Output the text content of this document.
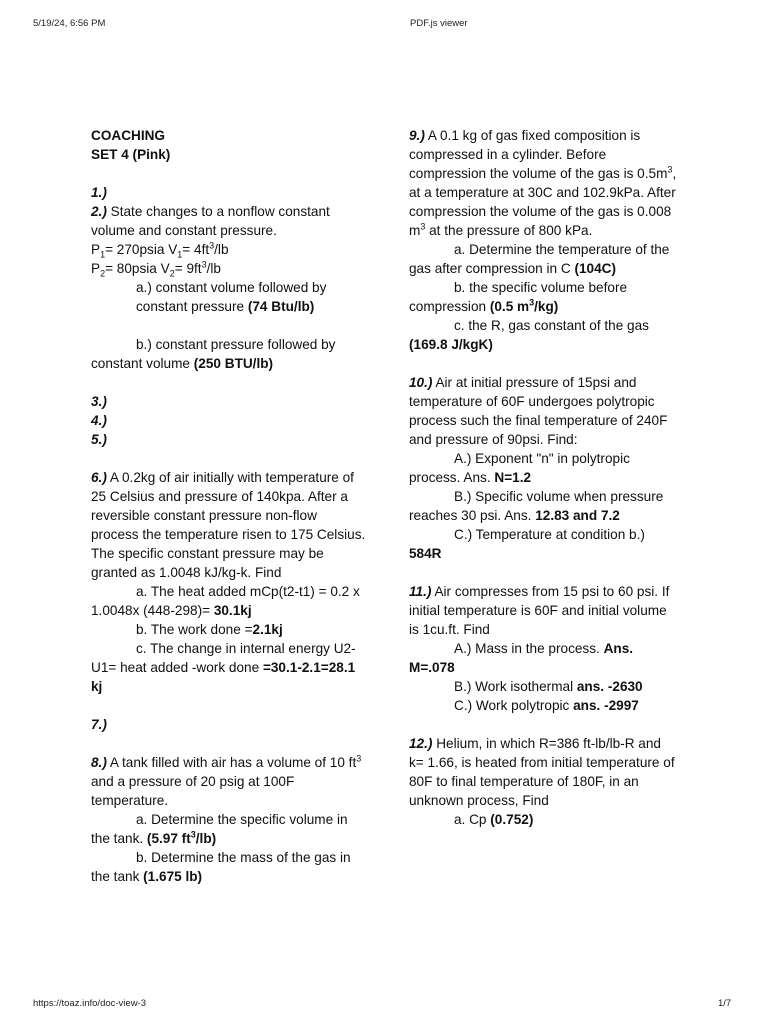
5/19/24, 6:56 PM	PDF.js viewer
https://toaz.info/doc-view-3	1/7

COACHING

SET 4 (Pink)

1.)

2.) State changes to a nonflow constant volume and constant pressure.

$P_1=$ 270psia $V_1= 4ft^3/lb$

$P_2=$ 80psia $V_2= 9ft^3/lb$

a.) constant volume followed by constant pressure (74 Btu/lb)

b.) constant pressure followed by constant volume (250 BTU/lb)

3.)

4.)

5.)

6.) A 0.2kg of air initially with temperature of 25 Celsius and pressure of 140kpa. After a reversible constant pressure non-flow process the temperature risen to 175 Celsius. The specific constant pressure may be granted as 1.0048 kJ/kg-k. Find

a. The heat added mCp(t2-t1) = 0.2 x 1.0048x (448-298)= 30.1kj

b. The work done =2.1kj

c. The change in internal energy U2-U1= heat added -work done =30.1-2.1=28.1 kj

7.)

8.) A tank filled with air has a volume of 10 $ft^3$ and a pressure of 20 psig at 100F temperature.

a. Determine the specific volume in the tank. (5.97 $ft^3/lb$)

b. Determine the mass of the gas in the tank (1.675 lb)

9.) A 0.1 kg of gas fixed composition is compressed in a cylinder. Before compression the volume of the gas is $0.5m^3$, at a temperature at 30C and 102.9kPa. After compression the volume of the gas is 0.008 $m^3$ at the pressure of 800 kPa.

a. Determine the temperature of the gas after compression in C (104C)

b. the specific volume before compression (0.5 $m^3/kg$)

c. the R, gas constant of the gas (169.8 J/kgK)

10.) Air at initial pressure of 15psi and temperature of 60F undergoes polytropic process such the final temperature of 240F and pressure of 90psi. Find:

A.) Exponent "n" in polytropic process. Ans. N=1.2

B.) Specific volume when pressure reaches 30 psi. Ans. 12.83 and 7.2

C.) Temperature at condition b.) 584R

11.) Air compresses from 15 psi to 60 psi. If initial temperature is 60F and initial volume is 1cu.ft. Find

A.) Mass in the process. Ans. M=.078

B.) Work isothermal ans. -2630

C.) Work polytropic ans. -2997

12.) Helium, in which R=386 ft-lb/lb-R and k= 1.66, is heated from initial temperature of 80F to final temperature of 180F, in an unknown process, Find

a. Cp (0.752)
